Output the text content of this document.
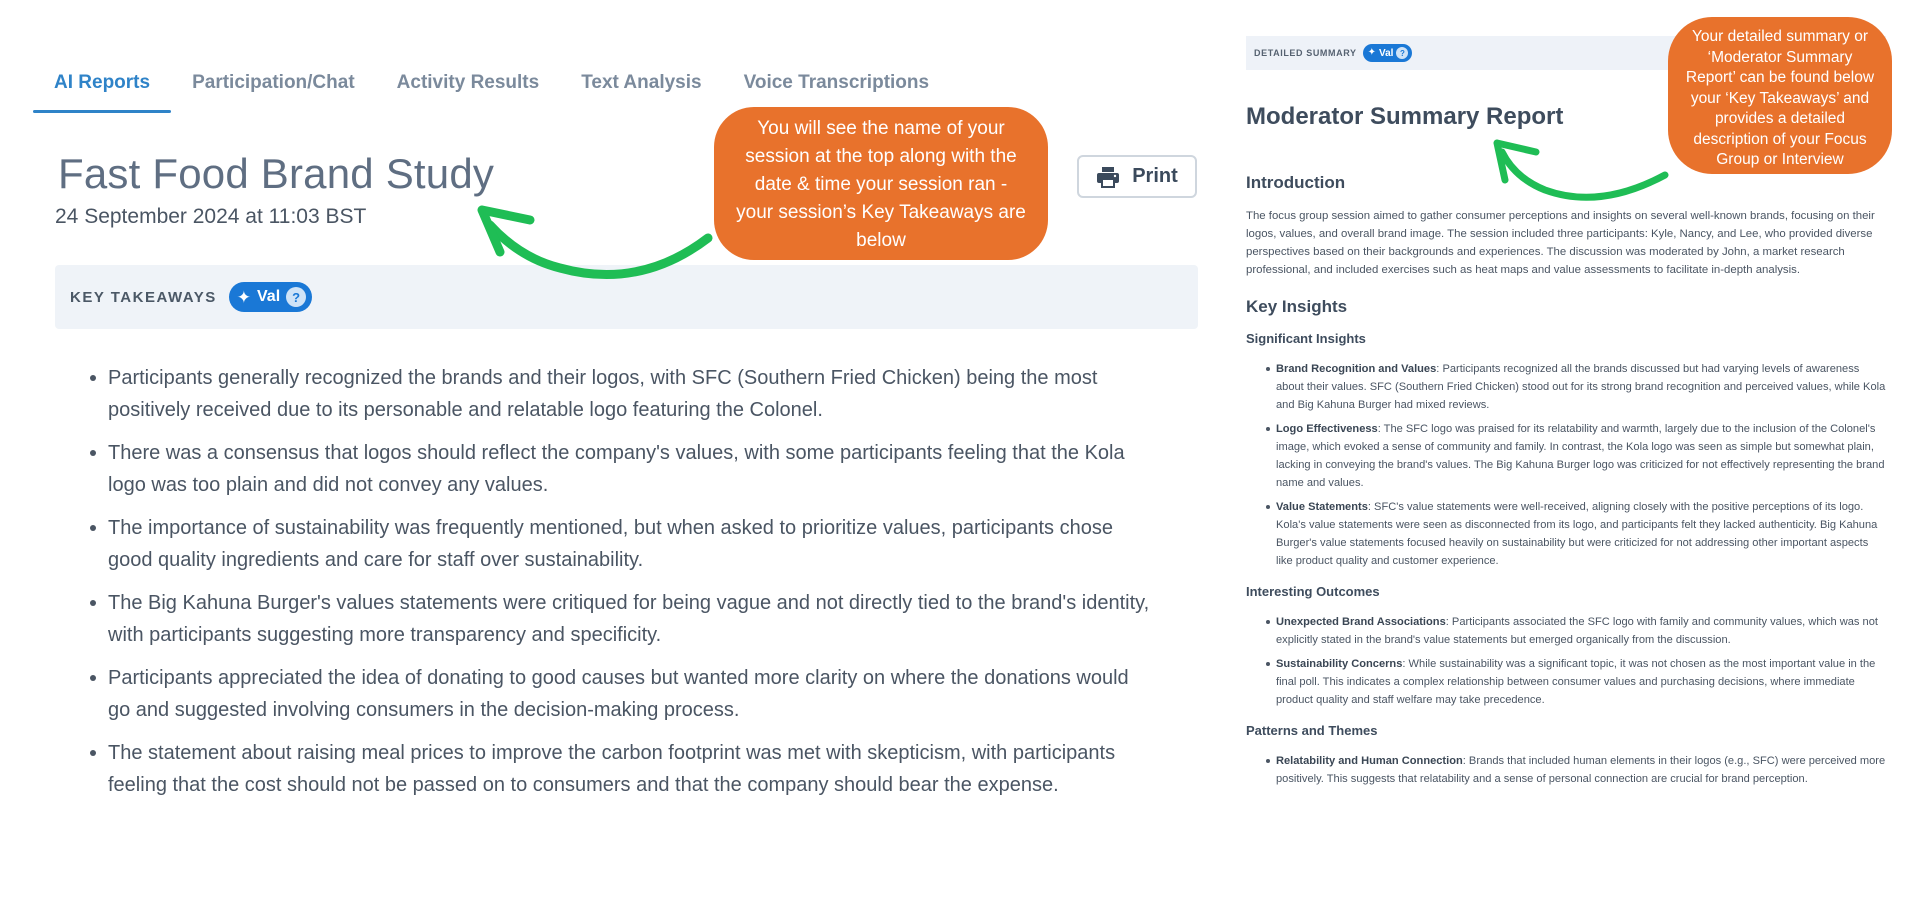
AI Reports	Participation/Chat	Activity Results	Text Analysis	Voice Transcriptions
Fast Food Brand Study
24 September 2024 at 11:03 BST
Print
KEY TAKEAWAYS ✦ Val ?
Participants generally recognized the brands and their logos, with SFC (Southern Fried Chicken) being the most positively received due to its personable and relatable logo featuring the Colonel.
There was a consensus that logos should reflect the company's values, with some participants feeling that the Kola logo was too plain and did not convey any values.
The importance of sustainability was frequently mentioned, but when asked to prioritize values, participants chose good quality ingredients and care for staff over sustainability.
The Big Kahuna Burger's values statements were critiqued for being vague and not directly tied to the brand's identity, with participants suggesting more transparency and specificity.
Participants appreciated the idea of donating to good causes but wanted more clarity on where the donations would go and suggested involving consumers in the decision-making process.
The statement about raising meal prices to improve the carbon footprint was met with skepticism, with participants feeling that the cost should not be passed on to consumers and that the company should bear the expense.
DETAILED SUMMARY ✦ Val ?
Moderator Summary Report
Introduction

The focus group session aimed to gather consumer perceptions and insights on several well-known brands, focusing on their logos, values, and overall brand image. The session included three participants: Kyle, Nancy, and Lee, who provided diverse perspectives based on their backgrounds and experiences. The discussion was moderated by John, a market research professional, and included exercises such as heat maps and value assessments to facilitate in-depth analysis.

Key Insights
Significant Insights
Brand Recognition and Values: Participants recognized all the brands discussed but had varying levels of awareness about their values. SFC (Southern Fried Chicken) stood out for its strong brand recognition and perceived values, while Kola and Big Kahuna Burger had mixed reviews.
Logo Effectiveness: The SFC logo was praised for its relatability and warmth, largely due to the inclusion of the Colonel's image, which evoked a sense of community and family. In contrast, the Kola logo was seen as simple but somewhat plain, lacking in conveying the brand's values. The Big Kahuna Burger logo was criticized for not effectively representing the brand name and values.
Value Statements: SFC's value statements were well-received, aligning closely with the positive perceptions of its logo. Kola's value statements were seen as disconnected from its logo, and participants felt they lacked authenticity. Big Kahuna Burger's value statements focused heavily on sustainability but were criticized for not addressing other important aspects like product quality and customer experience.
Interesting Outcomes
Unexpected Brand Associations: Participants associated the SFC logo with family and community values, which was not explicitly stated in the brand's value statements but emerged organically from the discussion.
Sustainability Concerns: While sustainability was a significant topic, it was not chosen as the most important value in the final poll. This indicates a complex relationship between consumer values and purchasing decisions, where immediate product quality and staff welfare may take precedence.
Patterns and Themes
Relatability and Human Connection: Brands that included human elements in their logos (e.g., SFC) were perceived more positively. This suggests that relatability and a sense of personal connection are crucial for brand perception.
You will see the name of your session at the top along with the date & time your session ran - your session’s Key Takeaways are below
Your detailed summary or ‘Moderator Summary Report’ can be found below your ‘Key Takeaways’ and provides a detailed description of your Focus Group or Interview
